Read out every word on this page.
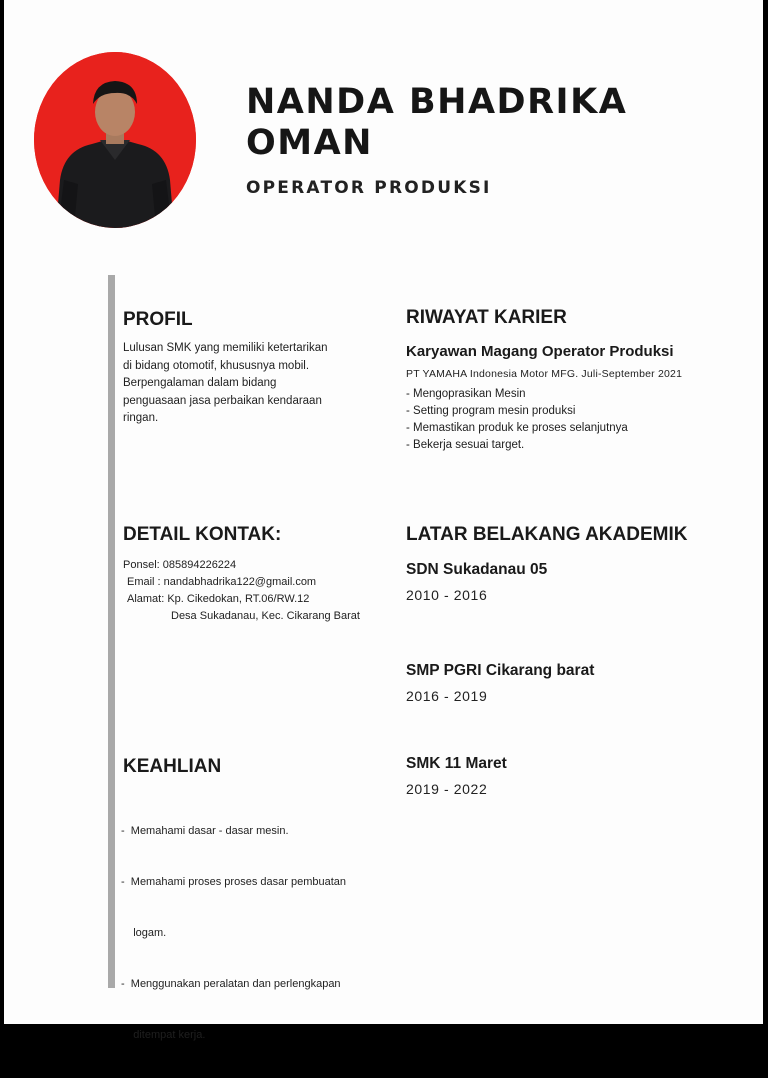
NANDA BHADRIKA
OMAN
OPERATOR PRODUKSI
PROFIL
Lulusan SMK yang memiliki ketertarikan
di bidang otomotif, khususnya mobil.
Berpengalaman dalam bidang
penguasaan jasa perbaikan kendaraan
ringan.
RIWAYAT KARIER
Karyawan Magang Operator Produksi
PT YAMAHA Indonesia Motor MFG. Juli-September 2021
- Mengoprasikan Mesin
- Setting program mesin produksi
- Memastikan produk ke proses selanjutnya
- Bekerja sesuai target.
DETAIL KONTAK:
Ponsel: 085894226224
Email : nandabhadrika122@gmail.com
Alamat: Kp. Cikedokan, RT.06/RW.12
Desa Sukadanau, Kec. Cikarang Barat
LATAR BELAKANG AKADEMIK
SDN Sukadanau 05
2010 - 2016
SMP PGRI Cikarang barat
2016 - 2019
SMK 11 Maret
2019 - 2022
KEAHLIAN

-  Memahami dasar - dasar mesin.

-  Memahami proses proses dasar pembuatan

logam.

-  Menggunakan peralatan dan perlengkapan

ditempat kerja.
